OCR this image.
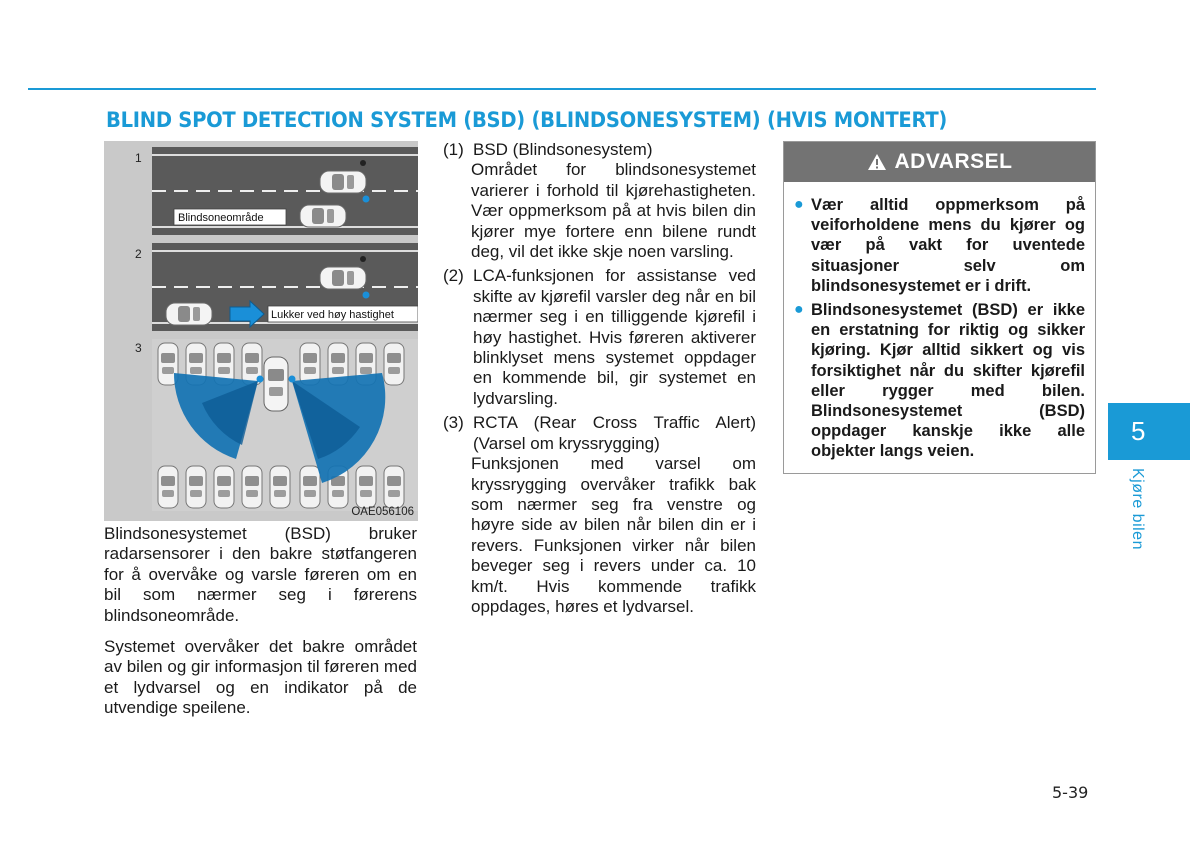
BLIND SPOT DETECTION SYSTEM (BSD) (BLINDSONESYSTEM) (HVIS MONTERT)
1
Blindsoneområde
2
Lukker ved høy hastighet
3
OAE056106

Blindsonesystemet (BSD) bruker radarsensorer i den bakre støtfangeren for å overvåke og varsle føreren om en bil som nærmer seg i førerens blindsoneområde.

Systemet overvåker det bakre området av bilen og gir informasjon til føreren med et lydvarsel og en indikator på de utvendige speilene.

(1) BSD (Blindsonesystem)
Området for blindsonesystemet varierer i forhold til kjørehastigheten. Vær oppmerksom på at hvis bilen din kjører mye fortere enn bilene rundt deg, vil det ikke skje noen varsling.
(2) LCA-funksjonen for assistanse ved skifte av kjørefil varsler deg når en bil nærmer seg i en tilliggende kjørefil i høy hastighet. Hvis føreren aktiverer blinklyset mens systemet oppdager en kommende bil, gir systemet en lydvarsling.
(3) RCTA (Rear Cross Traffic Alert) (Varsel om kryssrygging)
Funksjonen med varsel om kryssrygging overvåker trafikk bak som nærmer seg fra venstre og høyre side av bilen når bilen din er i revers. Funksjonen virker når bilen beveger seg i revers under ca. 10 km/t. Hvis kommende trafikk oppdages, høres et lydvarsel.
ADVARSEL
● Vær alltid oppmerksom på veiforholdene mens du kjører og vær på vakt for uventede situasjoner selv om blindsonesystemet er i drift.
● Blindsonesystemet (BSD) er ikke en erstatning for riktig og sikker kjøring. Kjør alltid sikkert og vis forsiktighet når du skifter kjørefil eller rygger med bilen. Blindsonesystemet (BSD) oppdager kanskje ikke alle objekter langs veien.
5
Kjøre bilen
5-39
